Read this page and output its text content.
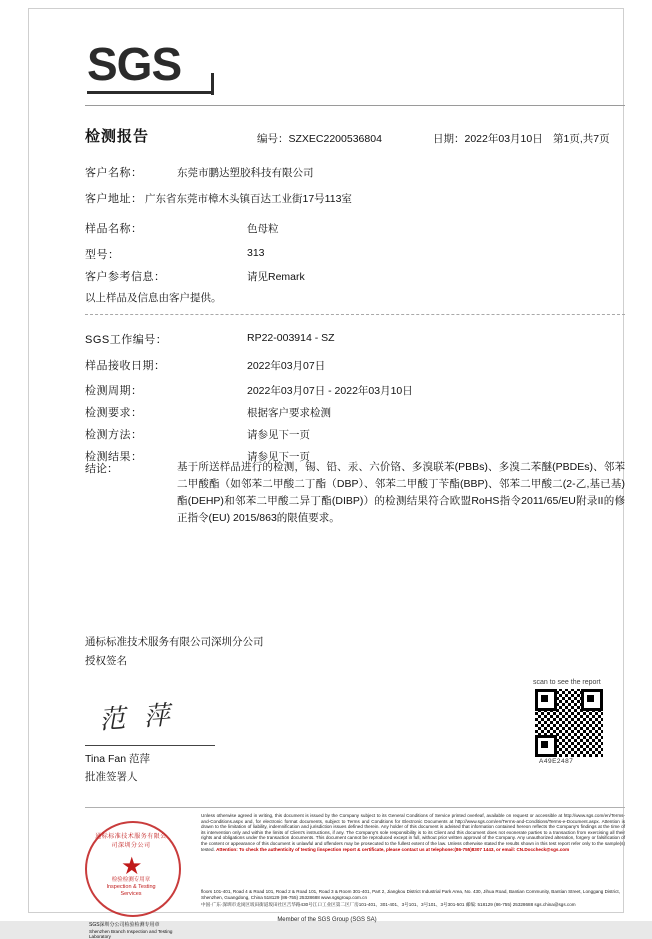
SGS
检测报告	编号：SZXEC2200536804	日期：2022年03月10日 第1页,共7页
客户名称：	东莞市鹏达塑胶科技有限公司
客户地址： 广东省东莞市樟木头镇百达工业街17号113室
样品名称：	色母粒
型号：	313
客户参考信息：	请见Remark
以上样品及信息由客户提供。
SGS工作编号：	RP22-003914 - SZ
样品接收日期：	2022年03月07日
检测周期：	2022年03月07日 - 2022年03月10日
检测要求：	根据客户要求检测
检测方法：	请参见下一页
检测结果：	请参见下一页
结论：	基于所送样品进行的检测，锡、铅、汞、六价铬、多溴联苯(PBBs)、多溴二苯醚(PBDEs)、邻苯二甲酸酯（如邻苯二甲酸二丁酯（DBP）、邻苯二甲酸丁苄酯(BBP)、邻苯二甲酸二(2-乙,基已基)酯(DEHP)和邻苯二甲酸二异丁酯(DIBP)）的检测结果符合欧盟RoHS指令2011/65/EU附录II的修正指令(EU) 2015/863的限值要求。
通标标准技术服务有限公司深圳分公司
授权签名
范 萍
Tina Fan 范萍
批准签署人
scan to see the report
A49E2487
Unless otherwise agreed in writing, this document is issued by the Company subject to its General Conditions of Service printed overleaf, available on request or accessible at http://www.sgs.com/en/Terms-and-Conditions.aspx and, for electronic format documents, subject to Terms and Conditions for Electronic Documents at http://www.sgs.com/en/Terms-and-Conditions/Terms-e-Document.aspx. Attention is drawn to the limitation of liability, indemnification and jurisdiction issues defined therein. Any holder of this document is advised that information contained hereon reflects the Company's findings at the time of its intervention only and within the limits of Client's instructions, if any. The Company's sole responsibility is to its Client and this document does not exonerate parties to a transaction from exercising all their rights and obligations under the transaction documents. This document cannot be reproduced except in full, without prior written approval of the Company. Any unauthorized alteration, forgery or falsification of the content or appearance of this document is unlawful and offenders may be prosecuted to the fullest extent of the law. Unless otherwise stated the results shown in this test report refer only to the sample(s) tested. Attention: To check the authenticity of testing /inspection report & certificate, please contact us at telephone:(86-755)8307 1443, or email: CN.Doccheck@sgs.com
floors 101-401, Road 4 & Road 101, Road 2 & Road 101, Road 3 & Room 301-401, Part 2, Jiangkou District Industrial Park Area, No. 430, Jihua Road, Bantian Community, Bantian Street, Longgang District, Shenzhen, Guangdong, China 518129 (86-755) 25328688 www.sgsgroup.com.cn
中国·广东·深圳市龙岗区坂田街道坂田社区吉华路430号江口工业区第二区厂房101-401、301-401、3号101、3号101、3号301-501 邮编: 518129 (86-755) 25328688 sgs.china@sgs.com
Member of the SGS Group (SGS SA)
通标标准技术服务有限公司深圳分公司
★
检验检测专用章 Inspection & Testing Services
SGS深圳分公司检验检测专用章
Shenzhen Branch Inspection and Testing Laboratory
